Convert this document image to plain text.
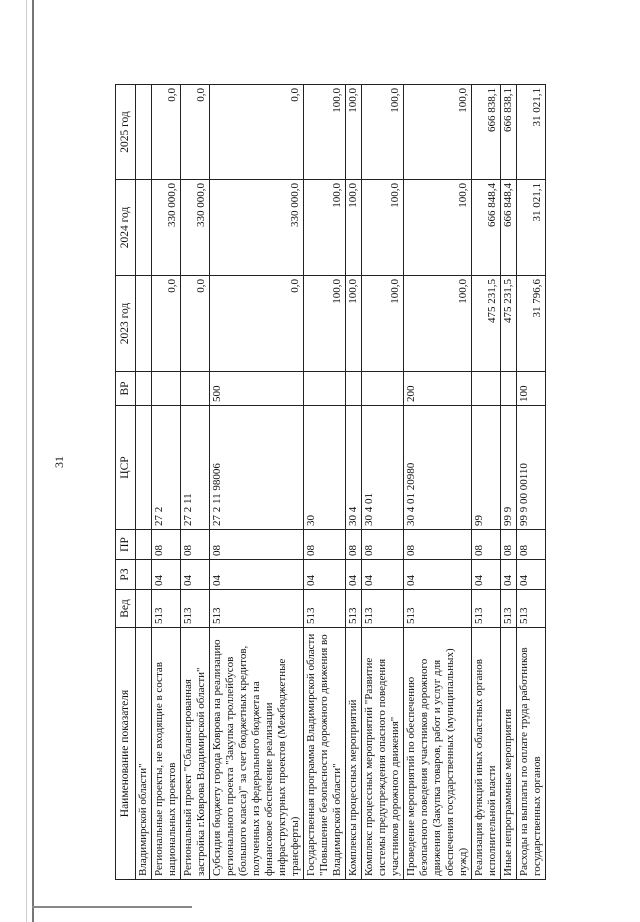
31
Наименование показателя	Вед	РЗ	ПР	ЦСР	ВР	2023 год	2024 год	2025 год
Владимирской области"								
Региональные проекты, не входящие в состав национальных проектов	513	04	08	27 2		0,0	330 000,0	0,0
Региональный проект "Сбалансированная застройка г.Коврова Владимирской области"	513	04	08	27 2 11		0,0	330 000,0	0,0
Субсидия бюджету города Коврова на реализацию регионального проекта "Закупка троллейбусов (большого класса)" за счет бюджетных кредитов, полученных из федерального бюджета на финансовое обеспечение реализации инфраструктурных проектов (Межбюджетные трансферты)	513	04	08	27 2 11 98006	500	0,0	330 000,0	0,0
Государственная программа Владимирской области "Повышение безопасности дорожного движения во Владимирской области"	513	04	08	30		100,0	100,0	100,0
Комплексы процессных мероприятий	513	04	08	30 4		100,0	100,0	100,0
Комплекс процессных мероприятий "Развитие системы предупреждения опасного поведения участников дорожного движения"	513	04	08	30 4 01		100,0	100,0	100,0
Проведение мероприятий по обеспечению безопасного поведения участников дорожного движения (Закупка товаров, работ и услуг для обеспечения государственных (муниципальных) нужд)	513	04	08	30 4 01 20980	200	100,0	100,0	100,0
Реализация функций иных областных органов исполнительной власти	513	04	08	99		475 231,5	666 848,4	666 838,1
Иные непрограммные мероприятия	513	04	08	99 9		475 231,5	666 848,4	666 838,1
Расходы на выплаты по оплате труда работников государственных органов	513	04	08	99 9 00 00110	100	31 796,6	31 021,1	31 021,1
